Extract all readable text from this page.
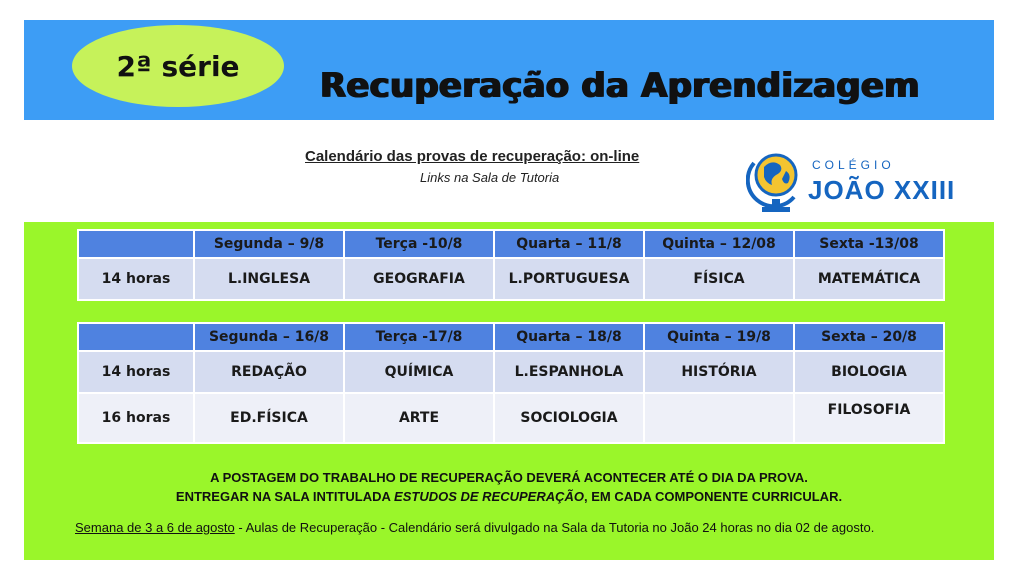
2ª série Recuperação da Aprendizagem
Calendário das provas de recuperação: on-line
Links na Sala de Tutoria
COLÉGIO
JOÃO XXIII
	Segunda – 9/8	Terça -10/8	Quarta – 11/8	Quinta – 12/08	Sexta -13/08
14 horas	L.INGLESA	GEOGRAFIA	L.PORTUGUESA	FÍSICA	MATEMÁTICA
	Segunda – 16/8	Terça -17/8	Quarta – 18/8	Quinta – 19/8	Sexta – 20/8
14 horas	REDAÇÃO	QUÍMICA	L.ESPANHOLA	HISTÓRIA	BIOLOGIA
16 horas	ED.FÍSICA	ARTE	SOCIOLOGIA		FILOSOFIA
A POSTAGEM DO TRABALHO DE RECUPERAÇÃO DEVERÁ ACONTECER ATÉ O DIA DA PROVA.
ENTREGAR NA SALA INTITULADA ESTUDOS DE RECUPERAÇÃO, EM CADA COMPONENTE CURRICULAR.
Semana de 3 a 6 de agosto - Aulas de Recuperação - Calendário será divulgado na Sala da Tutoria no João 24 horas no dia 02 de agosto.
